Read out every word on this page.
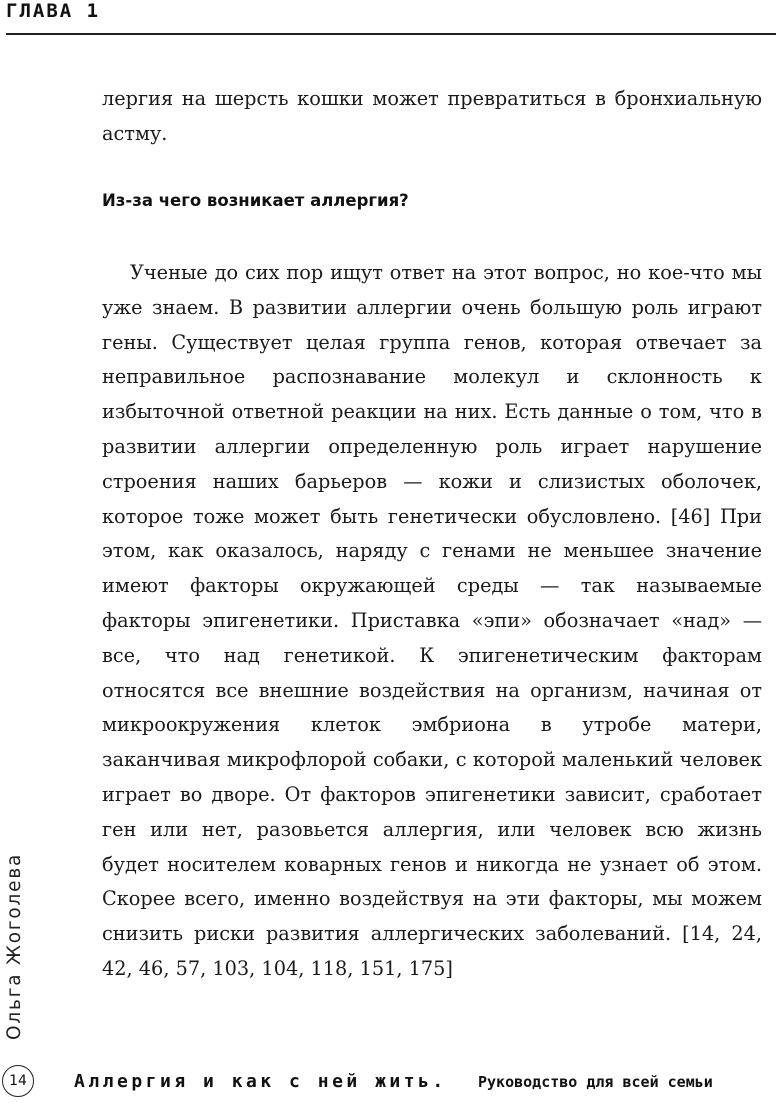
ГЛАВА 1

лергия на шерсть кошки может превратиться в бронхиальную астму.

Из-за чего возникает аллергия?

Ученые до сих пор ищут ответ на этот вопрос, но кое-что мы уже знаем. В развитии аллергии очень большую роль играют гены. Существует целая группа генов, которая отвечает за неправильное распознавание молекул и склонность к избыточной ответной реакции на них. Есть данные о том, что в развитии аллергии определенную роль играет нарушение строения наших барьеров — кожи и слизистых оболочек, которое тоже может быть генетически обусловлено. [46] При этом, как оказалось, наряду с генами не меньшее значение имеют факторы окружающей среды — так называемые факторы эпигенетики. Приставка «эпи» обозначает «над» — все, что над генетикой. К эпигенетическим факторам относятся все внешние воздействия на организм, начиная от микроокружения клеток эмбриона в утробе матери, заканчивая микрофлорой собаки, с которой маленький человек играет во дворе. От факторов эпигенетики зависит, сработает ген или нет, разовьется аллергия, или человек всю жизнь будет носителем коварных генов и никогда не узнает об этом. Скорее всего, именно воздействуя на эти факторы, мы можем снизить риски развития аллергических заболеваний. [14, 24, 42, 46, 57, 103, 104, 118, 151, 175]

Ольга Жоголева
14	Аллергия и как с ней жить. Руководство для всей семьи
